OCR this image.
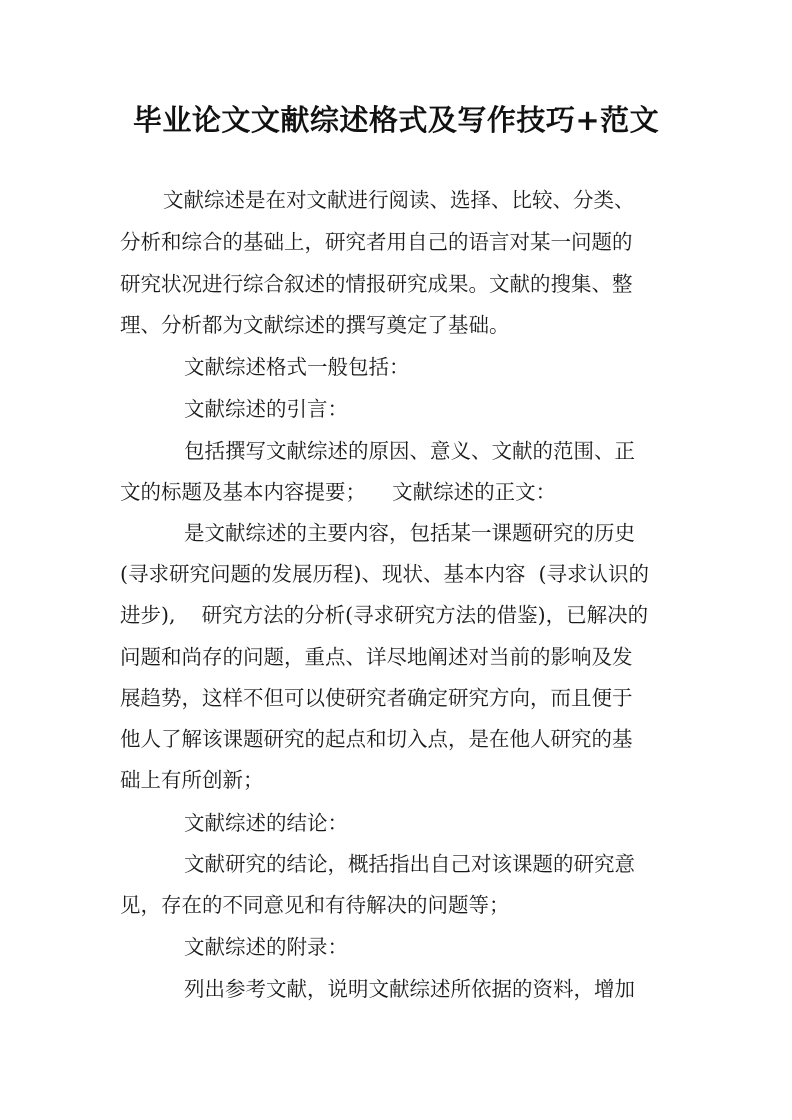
毕业论文文献综述格式及写作技巧+范文
文献综述是在对文献进行阅读、选择、比较、分类、
分析和综合的基础上，研究者用自己的语言对某一问题的
研究状况进行综合叙述的情报研究成果。文献的搜集、整
理、分析都为文献综述的撰写奠定了基础。
文献综述格式一般包括：
文献综述的引言：
包括撰写文献综述的原因、意义、文献的范围、正
文的标题及基本内容提要；    文献综述的正文：
是文献综述的主要内容，包括某一课题研究的历史
(寻求研究问题的发展历程)、现状、基本内容  (寻求认识的
进步),    研究方法的分析(寻求研究方法的借鉴)，已解决的
问题和尚存的问题，重点、详尽地阐述对当前的影响及发
展趋势，这样不但可以使研究者确定研究方向，而且便于
他人了解该课题研究的起点和切入点，是在他人研究的基
础上有所创新；
文献综述的结论：
文献研究的结论，概括指出自己对该课题的研究意
见，存在的不同意见和有待解决的问题等；
文献综述的附录：
列出参考文献，说明文献综述所依据的资料，增加
